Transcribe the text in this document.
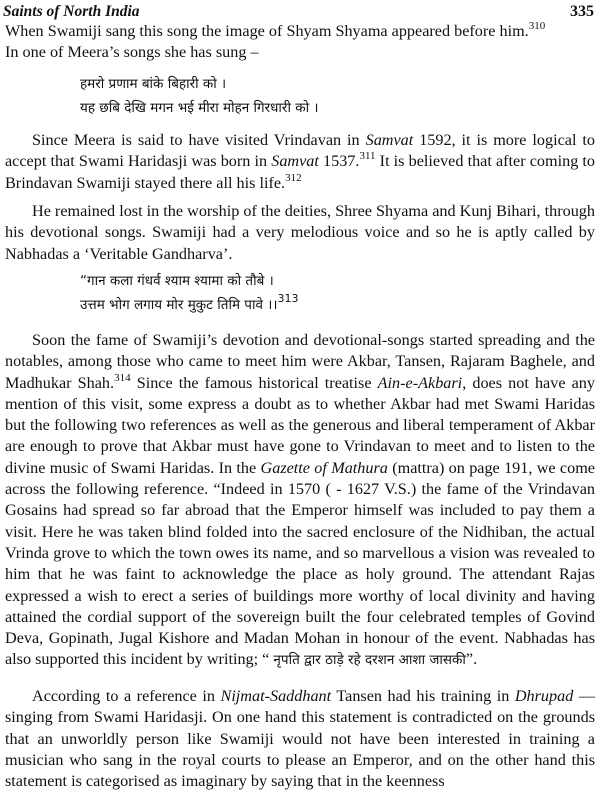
Saints of North India	335

When Swamiji sang this song the image of Shyam Shyama appeared before him.$^{310}$

In one of Meera’s songs she has sung –

हमरो प्रणाम बांके बिहारी को ।
यह छबि देखि मगन भई मीरा मोहन गिरधारी को ।

Since Meera is said to have visited Vrindavan in Samvat 1592, it is more logical to accept that Swami Haridasji was born in Samvat 1537.$^{311}$ It is believed that after coming to Brindavan Swamiji stayed there all his life.$^{312}$

He remained lost in the worship of the deities, Shree Shyama and Kunj Bihari, through his devotional songs. Swamiji had a very melodious voice and so he is aptly called by Nabhadas a ‘Veritable Gandharva’.

“गान कला गंधर्व श्याम श्यामा को तौबे ।
उत्तम भोग लगाय मोर मुकुट तिमि पावे ।।$^{313}$

Soon the fame of Swamiji’s devotion and devotional-songs started spreading and the notables, among those who came to meet him were Akbar, Tansen, Rajaram Baghele, and Madhukar Shah.$^{314}$ Since the famous historical treatise Ain-e-Akbari, does not have any mention of this visit, some express a doubt as to whether Akbar had met Swami Haridas but the following two references as well as the generous and liberal temperament of Akbar are enough to prove that Akbar must have gone to Vrindavan to meet and to listen to the divine music of Swami Haridas. In the Gazette of Mathura (mattra) on page 191, we come across the following reference. “Indeed in 1570 ( - 1627 V.S.) the fame of the Vrindavan Gosains had spread so far abroad that the Emperor himself was included to pay them a visit. Here he was taken blind folded into the sacred enclosure of the Nidhiban, the actual Vrinda grove to which the town owes its name, and so marvellous a vision was revealed to him that he was faint to acknowledge the place as holy ground. The attendant Rajas expressed a wish to erect a series of buildings more worthy of local divinity and having attained the cordial support of the sovereign built the four celebrated temples of Govind Deva, Gopinath, Jugal Kishore and Madan Mohan in honour of the event. Nabhadas has also supported this incident by writing; “ नृपति द्वार ठाड़े रहे दरशन आशा जासकी”.

According to a reference in Nijmat-Saddhant Tansen had his training in Dhrupad —singing from Swami Haridasji. On one hand this statement is contradicted on the grounds that an unworldly person like Swamiji would not have been interested in training a musician who sang in the royal courts to please an Emperor, and on the other hand this statement is categorised as imaginary by saying that in the keenness
